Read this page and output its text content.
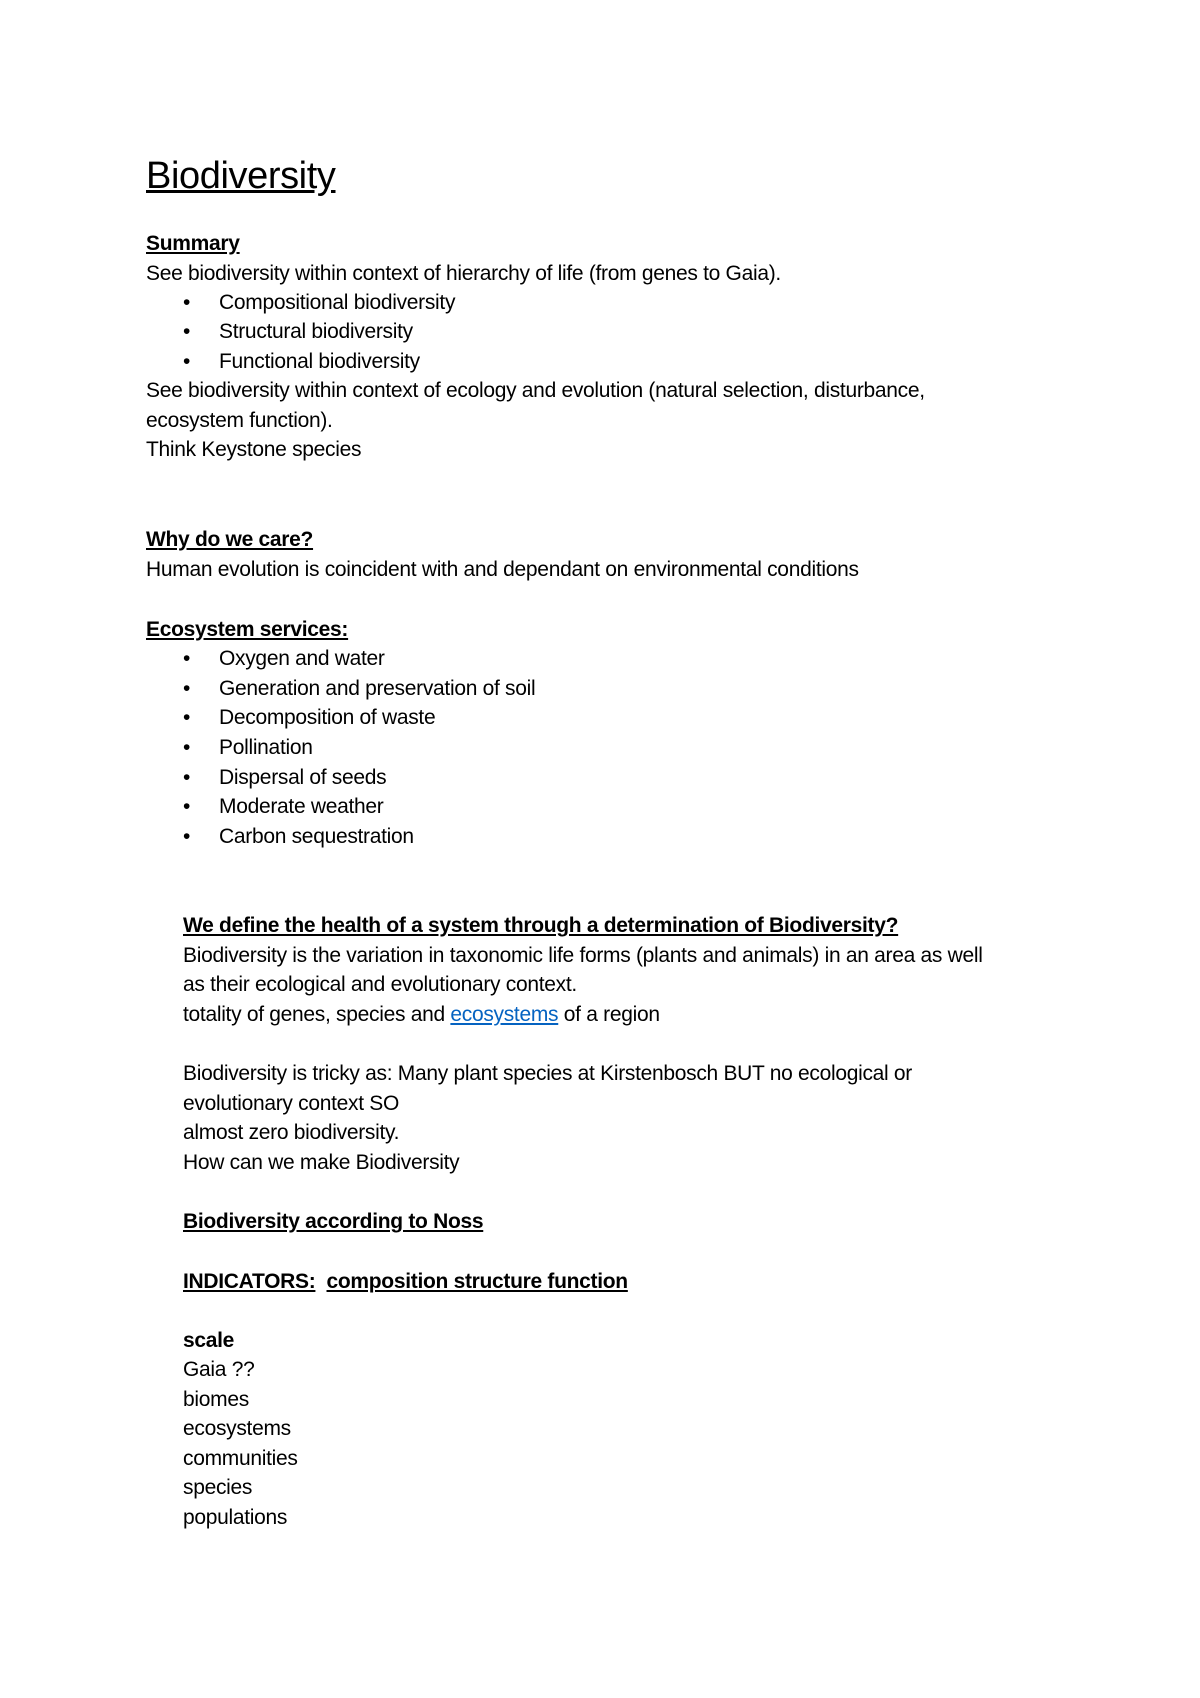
Biodiversity
Summary
See biodiversity within context of hierarchy of life (from genes to Gaia).
• Compositional biodiversity
• Structural biodiversity
• Functional biodiversity
See biodiversity within context of ecology and evolution (natural selection, disturbance,
ecosystem function).
Think Keystone species
Why do we care?
Human evolution is coincident with and dependant on environmental conditions
Ecosystem services:
• Oxygen and water
• Generation and preservation of soil
• Decomposition of waste
• Pollination
• Dispersal of seeds
• Moderate weather
• Carbon sequestration
We define the health of a system through a determination of Biodiversity?
Biodiversity is the variation in taxonomic life forms (plants and animals) in an area as well
as their ecological and evolutionary context.
totality of genes, species and ecosystems of a region
Biodiversity is tricky as: Many plant species at Kirstenbosch BUT no ecological or
evolutionary context SO
almost zero biodiversity.
How can we make Biodiversity
Biodiversity according to Noss
INDICATORS: composition structure function
scale
Gaia ??
biomes
ecosystems
communities
species
populations
